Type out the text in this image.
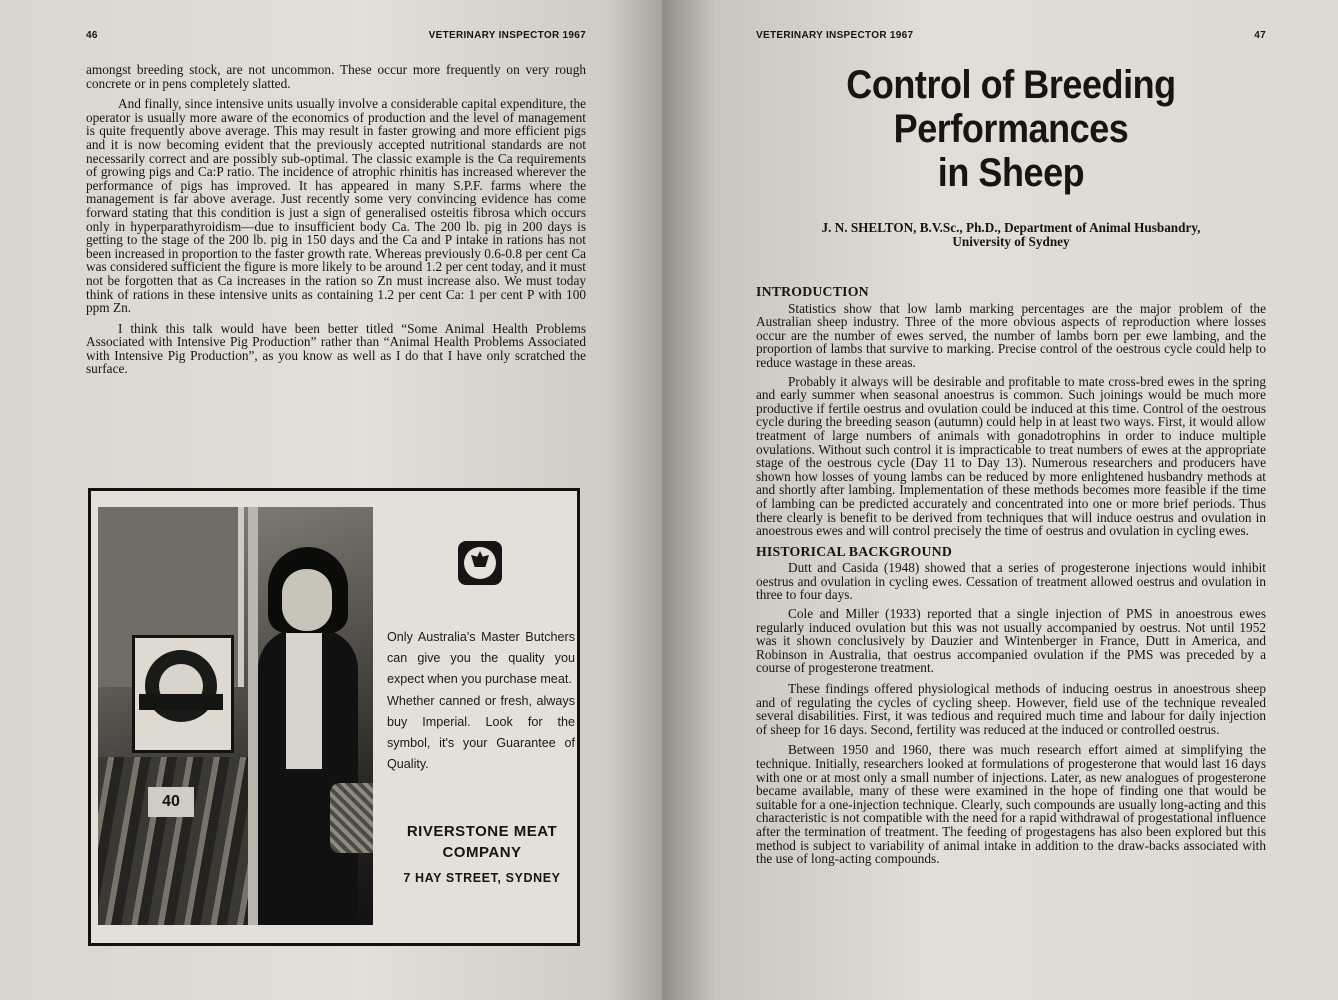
46	VETERINARY INSPECTOR 1967

amongst breeding stock, are not uncommon. These occur more frequently on very rough concrete or in pens completely slatted.

And finally, since intensive units usually involve a considerable capital expenditure, the operator is usually more aware of the economics of production and the level of management is quite frequently above average. This may result in faster growing and more efficient pigs and it is now becoming evident that the previously accepted nutritional standards are not necessarily correct and are possibly sub-optimal. The classic example is the Ca requirements of growing pigs and Ca:P ratio. The incidence of atrophic rhinitis has increased wherever the performance of pigs has improved. It has appeared in many S.P.F. farms where the management is far above average. Just recently some very convincing evidence has come forward stating that this condition is just a sign of generalised osteitis fibrosa which occurs only in hyperparathyroidism—due to insufficient body Ca. The 200 lb. pig in 200 days is getting to the stage of the 200 lb. pig in 150 days and the Ca and P intake in rations has not been increased in proportion to the faster growth rate. Whereas previously 0.6-0.8 per cent Ca was considered sufficient the figure is more likely to be around 1.2 per cent today, and it must not be forgotten that as Ca increases in the ration so Zn must increase also. We must today think of rations in these intensive units as containing 1.2 per cent Ca: 1 per cent P with 100 ppm Zn.

I think this talk would have been better titled “Some Animal Health Problems Associated with Intensive Pig Production” rather than “Animal Health Problems Associated with Intensive Pig Production”, as you know as well as I do that I have only scratched the surface.

40

Only Australia's Master Butchers can give you the quality you expect when you purchase meat.

Whether canned or fresh, always buy Imperial. Look for the symbol, it's your Guarantee of Quality.

RIVERSTONE MEAT
COMPANY
7 HAY STREET, SYDNEY
VETERINARY INSPECTOR 1967	47
Control of Breeding Performances
in Sheep
J. N. SHELTON, B.V.Sc., Ph.D., Department of Animal Husbandry,
University of Sydney
INTRODUCTION

Statistics show that low lamb marking percentages are the major problem of the Australian sheep industry. Three of the more obvious aspects of reproduction where losses occur are the number of ewes served, the number of lambs born per ewe lambing, and the proportion of lambs that survive to marking. Precise control of the oestrous cycle could help to reduce wastage in these areas.

Probably it always will be desirable and profitable to mate cross-bred ewes in the spring and early summer when seasonal anoestrus is common. Such joinings would be much more productive if fertile oestrus and ovulation could be induced at this time. Control of the oestrous cycle during the breeding season (autumn) could help in at least two ways. First, it would allow treatment of large numbers of animals with gonadotrophins in order to induce multiple ovulations. Without such control it is impracticable to treat numbers of ewes at the appropriate stage of the oestrous cycle (Day 11 to Day 13). Numerous researchers and producers have shown how losses of young lambs can be reduced by more enlightened husbandry methods at and shortly after lambing. Implementation of these methods becomes more feasible if the time of lambing can be predicted accurately and concentrated into one or more brief periods. Thus there clearly is benefit to be derived from techniques that will induce oestrus and ovulation in anoestrous ewes and will control precisely the time of oestrus and ovulation in cycling ewes.

HISTORICAL BACKGROUND

Dutt and Casida (1948) showed that a series of progesterone injections would inhibit oestrus and ovulation in cycling ewes. Cessation of treatment allowed oestrus and ovulation in three to four days.

Cole and Miller (1933) reported that a single injection of PMS in anoestrous ewes regularly induced ovulation but this was not usually accompanied by oestrus. Not until 1952 was it shown conclusively by Dauzier and Wintenberger in France, Dutt in America, and Robinson in Australia, that oestrus accompanied ovulation if the PMS was preceded by a course of progesterone treatment.

These findings offered physiological methods of inducing oestrus in anoestrous sheep and of regulating the cycles of cycling sheep. However, field use of the technique revealed several disabilities. First, it was tedious and required much time and labour for daily injection of sheep for 16 days. Second, fertility was reduced at the induced or controlled oestrus.

Between 1950 and 1960, there was much research effort aimed at simplifying the technique. Initially, researchers looked at formulations of progesterone that would last 16 days with one or at most only a small number of injections. Later, as new analogues of progesterone became available, many of these were examined in the hope of finding one that would be suitable for a one-injection technique. Clearly, such compounds are usually long-acting and this characteristic is not compatible with the need for a rapid withdrawal of progestational influence after the termination of treatment. The feeding of progestagens has also been explored but this method is subject to variability of animal intake in addition to the draw-backs associated with the use of long-acting compounds.
